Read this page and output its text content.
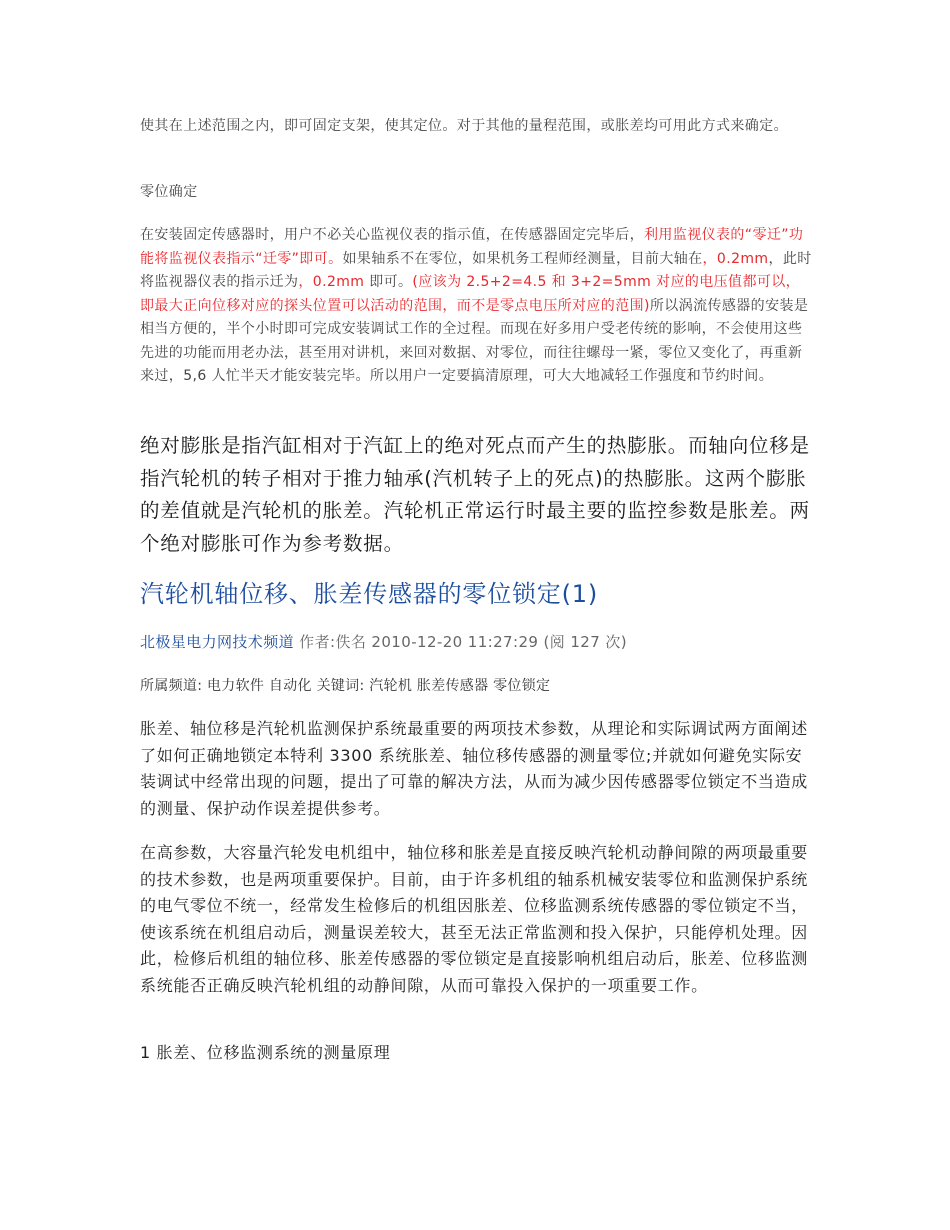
使其在上述范围之内，即可固定支架，使其定位。对于其他的量程范围，或胀差均可用此方式来确定。

零位确定

在安装固定传感器时，用户不必关心监视仪表的指示值，在传感器固定完毕后，利用监视仪表的“零迁”功能将监视仪表指示“迁零”即可。如果轴系不在零位，如果机务工程师经测量，目前大轴在，0.2mm，此时将监视器仪表的指示迁为，0.2mm 即可。(应该为 2.5+2=4.5 和 3+2=5mm 对应的电压值都可以，即最大正向位移对应的探头位置可以活动的范围，而不是零点电压所对应的范围)所以涡流传感器的安装是相当方便的，半个小时即可完成安装调试工作的全过程。而现在好多用户受老传统的影响，不会使用这些先进的功能而用老办法，甚至用对讲机，来回对数据、对零位，而往往螺母一紧，零位又变化了，再重新来过，5,6 人忙半天才能安装完毕。所以用户一定要搞清原理，可大大地减轻工作强度和节约时间。

绝对膨胀是指汽缸相对于汽缸上的绝对死点而产生的热膨胀。而轴向位移是指汽轮机的转子相对于推力轴承(汽机转子上的死点)的热膨胀。这两个膨胀的差值就是汽轮机的胀差。汽轮机正常运行时最主要的监控参数是胀差。两个绝对膨胀可作为参考数据。

汽轮机轴位移、胀差传感器的零位锁定(1)

北极星电力网技术频道 作者:佚名 2010-12-20 11:27:29 (阅 127 次)

所属频道: 电力软件 自动化 关键词: 汽轮机 胀差传感器 零位锁定

胀差、轴位移是汽轮机监测保护系统最重要的两项技术参数，从理论和实际调试两方面阐述了如何正确地锁定本特利 3300 系统胀差、轴位移传感器的测量零位;并就如何避免实际安装调试中经常出现的问题，提出了可靠的解决方法，从而为减少因传感器零位锁定不当造成的测量、保护动作误差提供参考。

在高参数，大容量汽轮发电机组中，轴位移和胀差是直接反映汽轮机动静间隙的两项最重要的技术参数，也是两项重要保护。目前，由于许多机组的轴系机械安装零位和监测保护系统的电气零位不统一，经常发生检修后的机组因胀差、位移监测系统传感器的零位锁定不当，使该系统在机组启动后，测量误差较大，甚至无法正常监测和投入保护，只能停机处理。因此，检修后机组的轴位移、胀差传感器的零位锁定是直接影响机组启动后，胀差、位移监测系统能否正确反映汽轮机组的动静间隙，从而可靠投入保护的一项重要工作。

1 胀差、位移监测系统的测量原理
